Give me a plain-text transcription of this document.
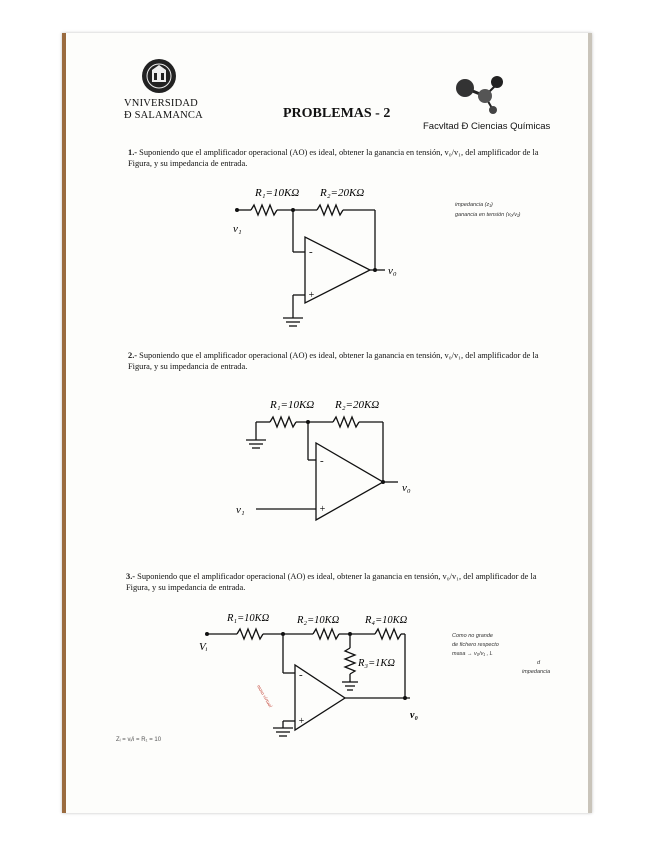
VNIVERSIDAD
Ð SALAMANCA	PROBLEMAS - 2
Facvltad Ð Ciencias Químicas
1.- Suponiendo que el amplificador operacional (AO) es ideal, obtener la ganancia en tensión, v₀/v₁, del amplificador de la Figura, y su impedancia de entrada.
R₁=10KΩ R₂=20KΩ
v₁
v₀
-
+
impedancia (z₁)
ganancia en tensión (v₀/v₁)
2.- Suponiendo que el amplificador operacional (AO) es ideal, obtener la ganancia en tensión, v₀/v₁, del amplificador de la Figura, y su impedancia de entrada.
R₁=10KΩ R₂=20KΩ
v₁
v₀
-
+
3.- Suponiendo que el amplificador operacional (AO) es ideal, obtener la ganancia en tensión, v₀/v₁, del amplificador de la Figura, y su impedancia de entrada.
R₁=10KΩ	R₂=10KΩ R₄=10KΩ
R₃=1KΩ
Vᵢ
v₀
-
+
masa virtual
Como no grande
de fichero respecto
masa → v₀/v₁ , L
d
impedancia
Zᵢ = vᵢ/i = R₁ = 10
